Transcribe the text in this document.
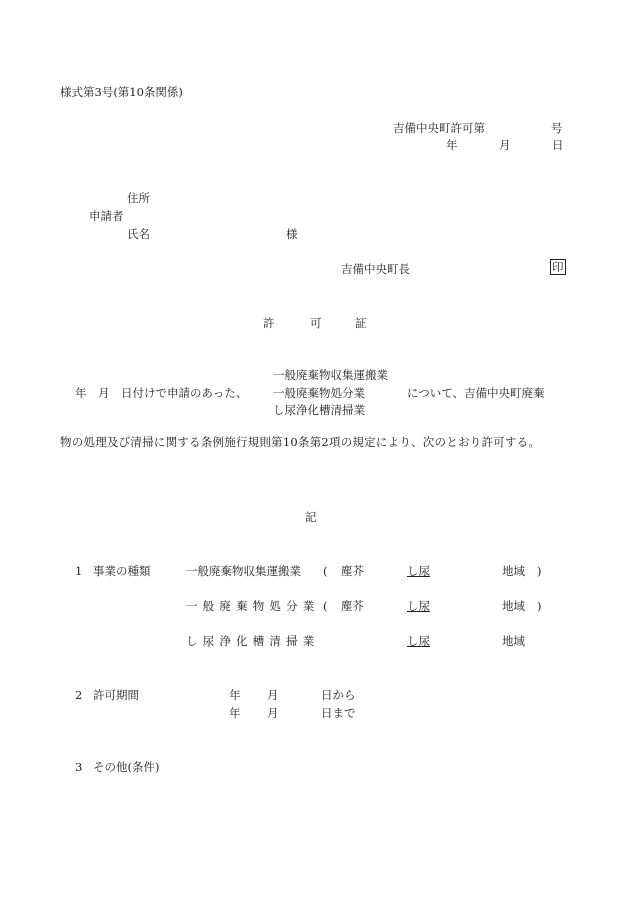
様式第3号(第10条関係)
吉備中央町許可第	号
年	月	日
住所
申請者
氏名	様
吉備中央町長	印
許	可	証
一般廃棄物収集運搬業
年　月　日付けで申請のあった、 一般廃棄物処分業	について、吉備中央町廃棄
し尿浄化槽清掃業
物の処理及び清掃に関する条例施行規則第10条第2項の規定により、次のとおり許可する。
記
1 事業の種類	一般廃棄物収集運搬業 ( 塵芥	し尿	地域 )
一般廃棄物処分業 ( 塵芥	し尿	地域 )
し尿浄化槽清掃業	し尿	地域
2 許可期間	年 月	日から
年 月	日まで
3 その他(条件)
